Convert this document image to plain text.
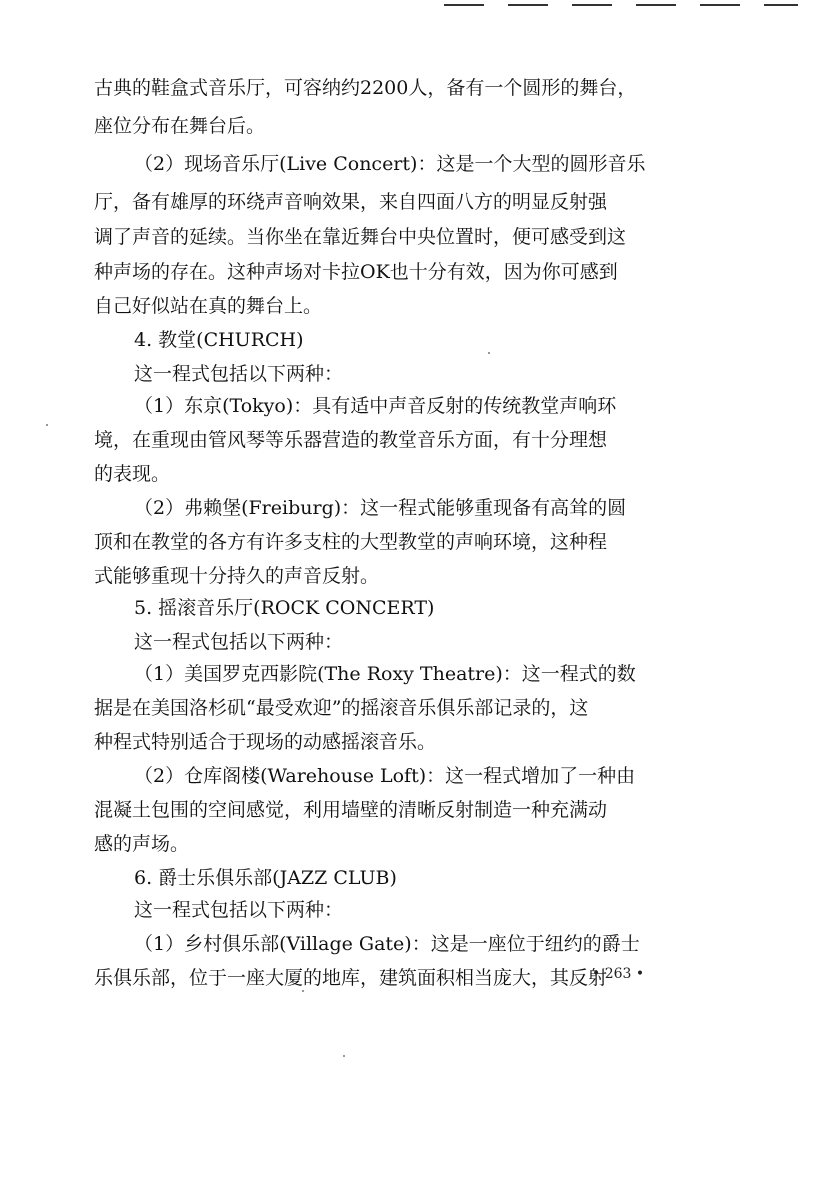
古典的鞋盒式音乐厅，可容纳约2200人，备有一个圆形的舞台，
座位分布在舞台后。
（2）现场音乐厅(Live Concert)：这是一个大型的圆形音乐
厅，备有雄厚的环绕声音响效果，来自四面八方的明显反射强
调了声音的延续。当你坐在靠近舞台中央位置时，便可感受到这
种声场的存在。这种声场对卡拉OK也十分有效，因为你可感到
自己好似站在真的舞台上。
4. 教堂(CHURCH)
这一程式包括以下两种：
（1）东京(Tokyo)：具有适中声音反射的传统教堂声响环
境，在重现由管风琴等乐器营造的教堂音乐方面，有十分理想
的表现。
（2）弗赖堡(Freiburg)：这一程式能够重现备有高耸的圆
顶和在教堂的各方有许多支柱的大型教堂的声响环境，这种程
式能够重现十分持久的声音反射。
5. 摇滚音乐厅(ROCK CONCERT)
这一程式包括以下两种：
（1）美国罗克西影院(The Roxy Theatre)：这一程式的数
据是在美国洛杉矶“最受欢迎”的摇滚音乐俱乐部记录的，这
种程式特别适合于现场的动感摇滚音乐。
（2）仓库阁楼(Warehouse Loft)：这一程式增加了一种由
混凝土包围的空间感觉，利用墙壁的清晰反射制造一种充满动
感的声场。
6. 爵士乐俱乐部(JAZZ CLUB)
这一程式包括以下两种：
（1）乡村俱乐部(Village Gate)：这是一座位于纽约的爵士
乐俱乐部，位于一座大厦的地库，建筑面积相当庞大，其反射
• 263 •
